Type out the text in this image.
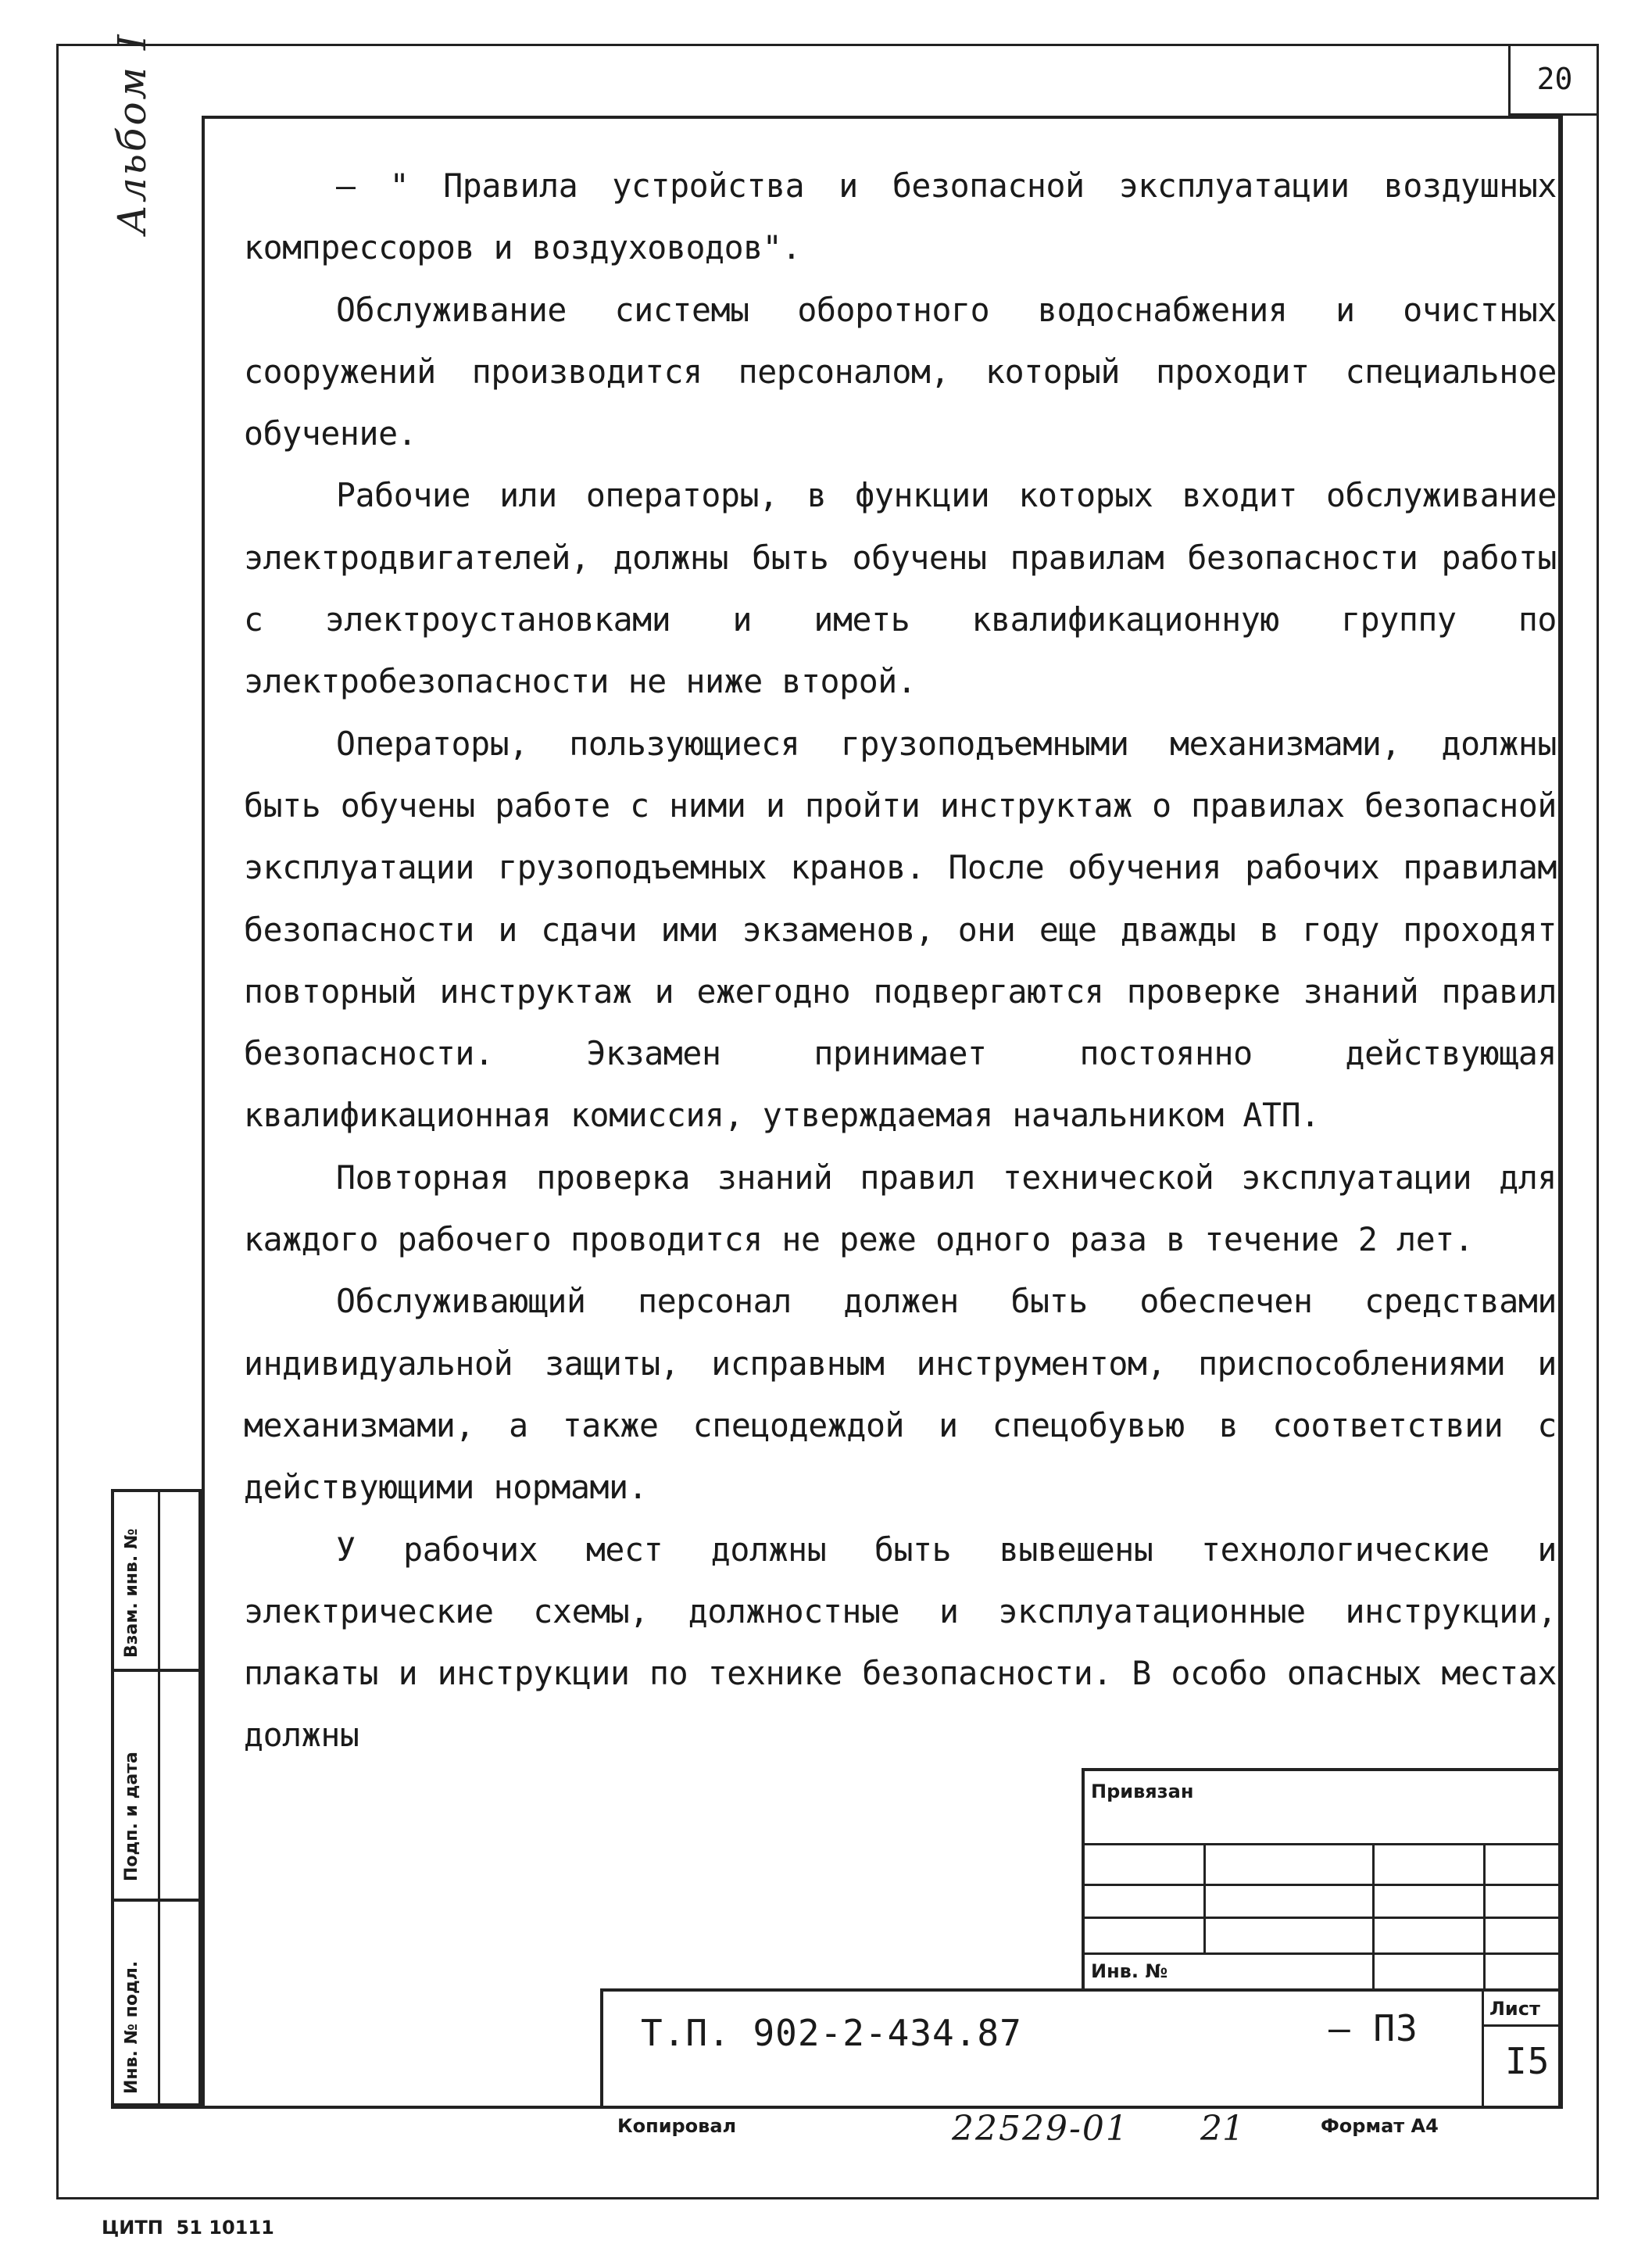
20
Альбом I	– " Правила устройства и безопасной эксплуатации воздушных компрессоров и воздуховодов".

Обслуживание системы оборотного водоснабжения и очистных сооружений производится персоналом, который проходит специальное обучение.

Рабочие или операторы, в функции которых входит обслуживание электродвигателей, должны быть обучены правилам безопасности работы с электроустановками и иметь квалификационную группу по электробезопасности не ниже второй.

Операторы, пользующиеся грузоподъемными механизмами, должны быть обучены работе с ними и пройти инструктаж о правилах безопасной эксплуатации грузоподъемных кранов. После обучения рабочих правилам безопасности и сдачи ими экзаменов, они еще дважды в году проходят повторный инструктаж и ежегодно подвергаются проверке знаний правил безопасности. Экзамен принимает постоянно действующая квалификационная комиссия, утверждаемая начальником АТП.

Повторная проверка знаний правил технической эксплуатации для каждого рабочего проводится не реже одного раза в течение 2 лет.

Обслуживающий персонал должен быть обеспечен средствами индивидуальной защиты, исправным инструментом, приспособлениями и механизмами, а также спецодеждой и спецобувью в соответствии с действующими нормами.

У рабочих мест должны быть вывешены технологические и электрические схемы, должностные и эксплуатационные инструкции, плакаты и инструкции по технике безопасности. В особо опасных местах должны

Взам. инв. №
Подп. и дата
Инв. № подл.
Привязан
Инв. №
Т.П. 902-2-434.87	– ПЗ	Лист
I5
Копировал	22529-01 21	Формат А4
ЦИТП  51 10111
